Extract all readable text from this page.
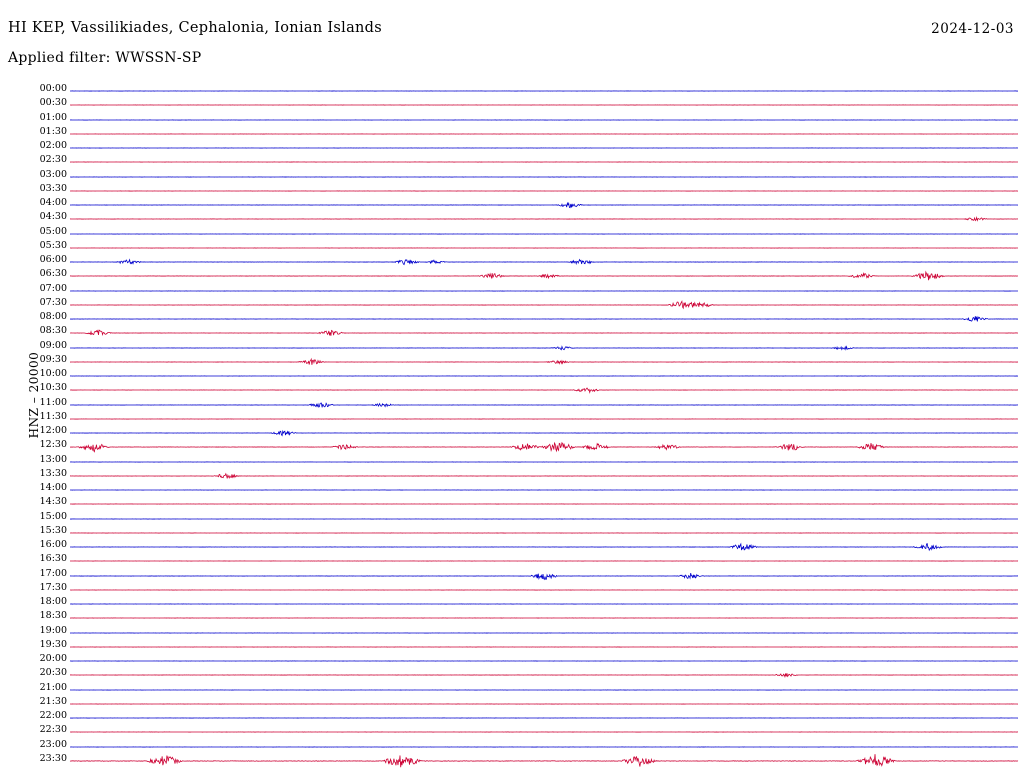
HI KEP, Vassilikiades, Cephalonia, Ionian Islands	2024-12-03
Applied filter: WWSSN-SP
HNZ – 20000
00:00
00:30
01:00
01:30
02:00
02:30
03:00
03:30
04:00
04:30
05:00
05:30
06:00
06:30
07:00
07:30
08:00
08:30
09:00
09:30
10:00
10:30
11:00
11:30
12:00
12:30
13:00
13:30
14:00
14:30
15:00
15:30
16:00
16:30
17:00
17:30
18:00
18:30
19:00
19:30
20:00
20:30
21:00
21:30
22:00
22:30
23:00
23:30
